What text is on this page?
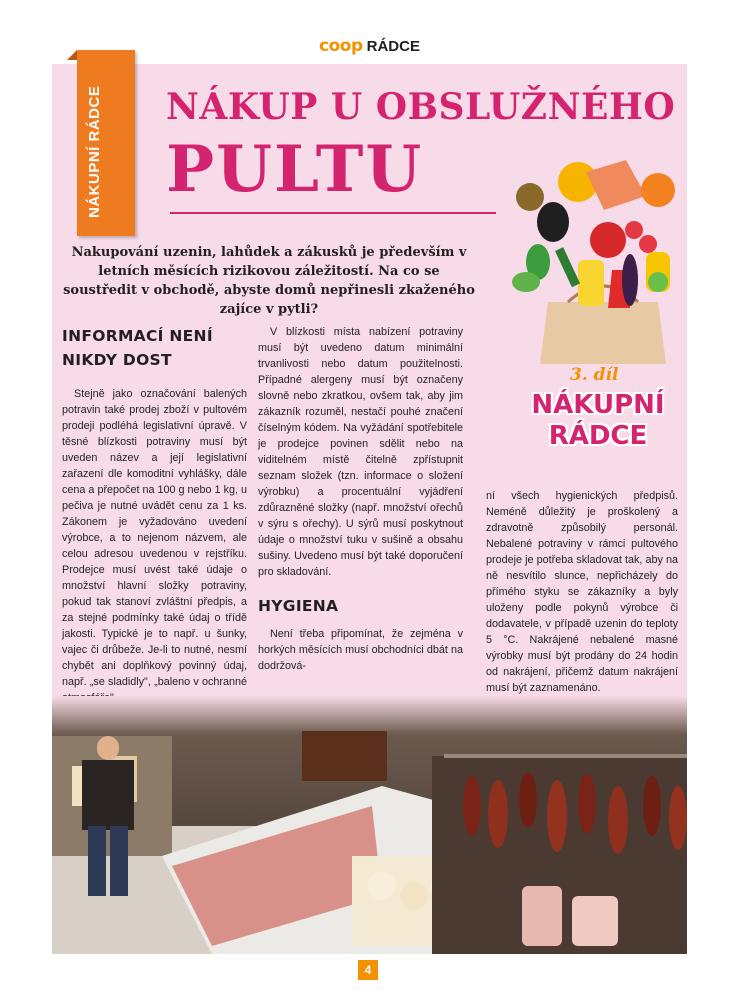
coop RÁDCE
NÁKUPNÍ RÁDCE NÁKUP U OBSLUŽNÉHO
PULTU
Nakupování uzenin, lahůdek a zákusků je především v letních měsících rizikovou záležitostí. Na co se soustředit v obchodě, abyste domů nepřinesli zkaženého zajíce v pytli?
3. díl
NÁKUPNÍ
RÁDCE
INFORMACÍ NENÍ NIKDY DOST

Stejně jako označování balených potravin také prodej zboží v pultovém prodeji podléhá legislativní úpravě. V těsné blízkosti potraviny musí být uveden název a její legislativní zařazení dle komoditní vyhlášky, dále cena a přepočet na 100 g nebo 1 kg, u pečiva je nutné uvádět cenu za 1 ks. Zákonem je vyžadováno uvedení výrobce, a to nejenom názvem, ale celou adresou uvedenou v rejstříku. Prodejce musí uvést také údaje o množství hlavní složky potraviny, pokud tak stanoví zvláštní předpis, a za stejné podmínky také údaj o třídě jakosti. Typické je to např. u šunky, vajec či drůbeže. Je-li to nutné, nesmí chybět ani doplňkový povinný údaj, např. „se sladidly", „baleno v ochranné

V blízkosti místa nabízení potraviny musí být uvedeno datum minimální trvanlivosti nebo datum použitelnosti. Případné alergeny musí být označeny slovně nebo zkratkou, ovšem tak, aby jim zákazník rozuměl, nestačí pouhé značení číselným kódem. Na vyžádání spotřebitele je prodejce povinen sdělit nebo na viditelném místě čitelně zpřístupnit seznam složek (tzn. informace o složení výrobku) a procentuální vyjádření zdůrazněné složky (např. množství ořechů v sýru s ořechy). U sýrů musí poskytnout údaje o množství tuku v sušině a obsahu sušiny. Uvedeno musí být také doporučení pro skladování.

HYGIENA

Není třeba připomínat, že zejména v horkých měsících musí obchodníci dbát na dodržová-

ní všech hygienických předpisů. Neméně důležitý je proškolený a zdravotně způsobilý personál. Nebalené potraviny v rámci pultového prodeje je potřeba skladovat tak, aby na ně nesvítilo slunce, nepřicházely do přímého styku se zákazníky a byly uloženy podle pokynů výrobce či dodavatele, v případě uzenin do teploty 5 °C. Nakrájené nebalené masné výrobky musí být prodány do 24 hodin od nakrájení, přičemž datum nakrájení musí být zaznamenáno.

4
